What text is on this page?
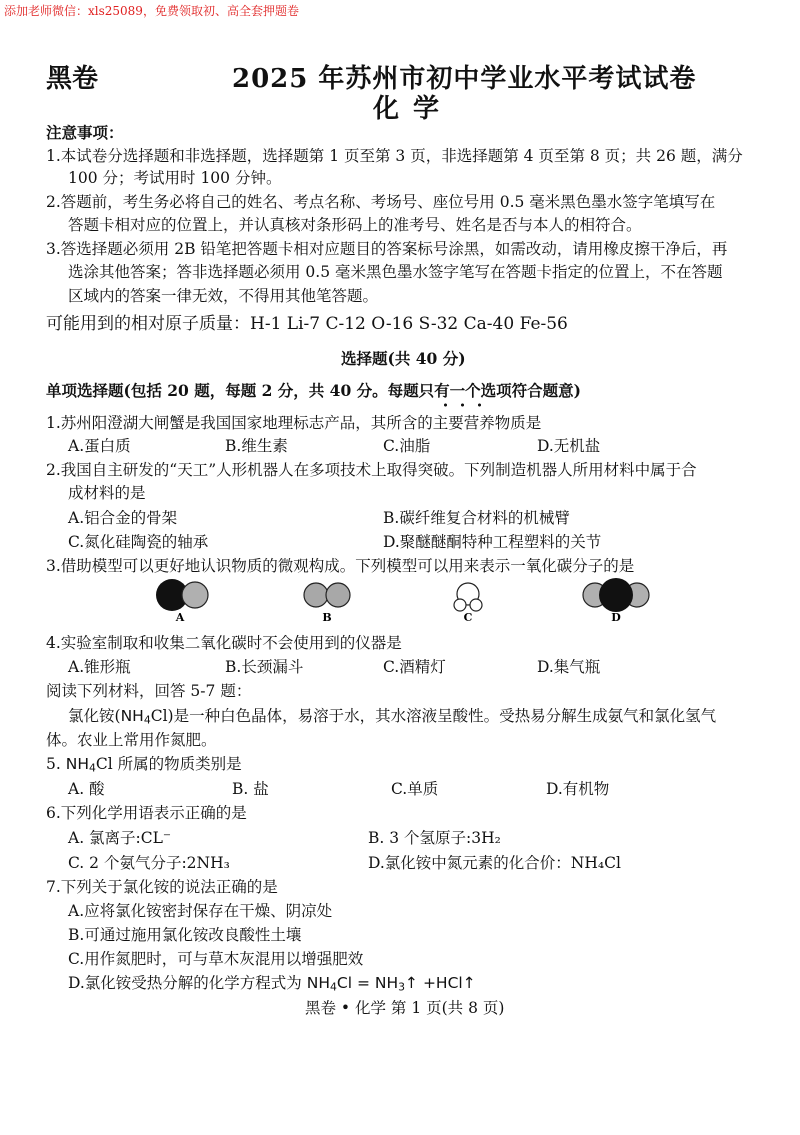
添加老师微信：xls25089，免费领取初、高全套押题卷
黑卷	2025 年苏州市初中学业水平考试试卷
化学
注意事项：
1.本试卷分选择题和非选择题，选择题第 1 页至第 3 页，非选择题第 4 页至第 8 页；共 26 题，满分
100 分；考试用时 100 分钟。
2.答题前，考生务必将自己的姓名、考点名称、考场号、座位号用 0.5 毫米黑色墨水签字笔填写在
答题卡相对应的位置上，并认真核对条形码上的准考号、姓名是否与本人的相符合。
3.答选择题必须用 2B 铅笔把答题卡相对应题目的答案标号涂黑，如需改动，请用橡皮擦干净后，再
选涂其他答案；答非选择题必须用 0.5 毫米黑色墨水签字笔写在答题卡指定的位置上，不在答题
区域内的答案一律无效，不得用其他笔答题。
可能用到的相对原子质量：H-1 Li-7 C-12 O-16 S-32 Ca-40 Fe-56
选择题(共 40 分)
单项选择题(包括 20 题，每题 2 分，共 40 分。每题只有一个选项符合题意)
1.苏州阳澄湖大闸蟹是我国国家地理标志产品，其所含的主要营养物质是
A.蛋白质	B.维生素	C.油脂	D.无机盐
2.我国自主研发的“天工”人形机器人在多项技术上取得突破。下列制造机器人所用材料中属于合
成材料的是
A.铝合金的骨架	B.碳纤维复合材料的机械臂
C.氮化硅陶瓷的轴承	D.聚醚醚酮特种工程塑料的关节
3.借助模型可以更好地认识物质的微观构成。下列模型可以用来表示一氧化碳分子的是
A	B	C	D
4.实验室制取和收集二氧化碳时不会使用到的仪器是
A.锥形瓶	B.长颈漏斗	C.酒精灯	D.集气瓶
阅读下列材料，回答 5-7 题：
氯化铵$(NH_4Cl)$是一种白色晶体，易溶于水，其水溶液呈酸性。受热易分解生成氨气和氯化氢气
体。农业上常用作氮肥。
5. $NH_4Cl$ 所属的物质类别是
A. 酸	B. 盐	C.单质	D.有机物
6.下列化学用语表示正确的是
A. 氯离子:CL⁻	B. 3 个氢原子:3H₂
C. 2 个氨气分子:2NH₃	D.氯化铵中氮元素的化合价：NH₄Cl
7.下列关于氯化铵的说法正确的是
A.应将氯化铵密封保存在干燥、阴凉处
B.可通过施用氯化铵改良酸性土壤
C.用作氮肥时，可与草木灰混用以增强肥效
D.氯化铵受热分解的化学方程式为 $NH_4Cl$ = $NH_3↑$ +HCl↑
黑卷 • 化学 第 1 页(共 8 页)
